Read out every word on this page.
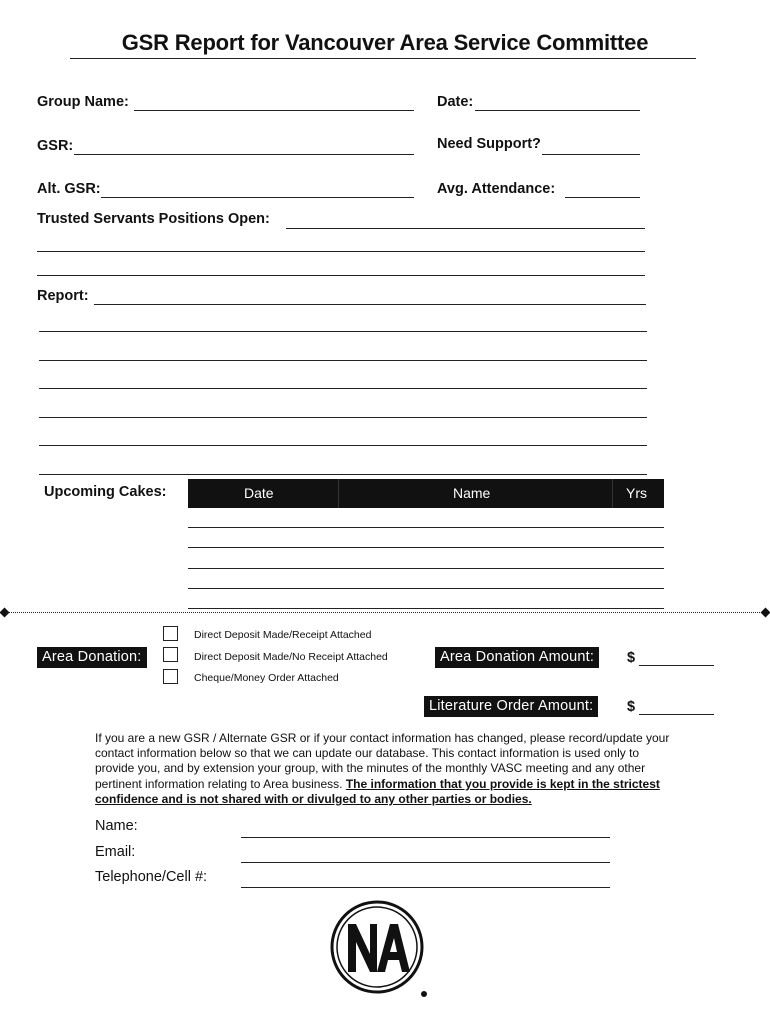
GSR Report for Vancouver Area Service Committee
Group Name:	Date:
GSR:	Need Support?
Alt. GSR:	Avg. Attendance:
Trusted Servants Positions Open:
Report:
Upcoming Cakes:	Date	Name	Yrs
Area Donation:
Direct Deposit Made/Receipt Attached
Direct Deposit Made/No Receipt Attached
Cheque/Money Order Attached
Area Donation Amount:	$
Literature Order Amount:	$
If you are a new GSR / Alternate GSR or if your contact information has changed, please record/update your contact information below so that we can update our database. This contact information is used only to provide you, and by extension your group, with the minutes of the monthly VASC meeting and any other pertinent information relating to Area business. The information that you provide is kept in the strictest confidence and is not shared with or divulged to any other parties or bodies.
Name:
Email:
Telephone/Cell #:
